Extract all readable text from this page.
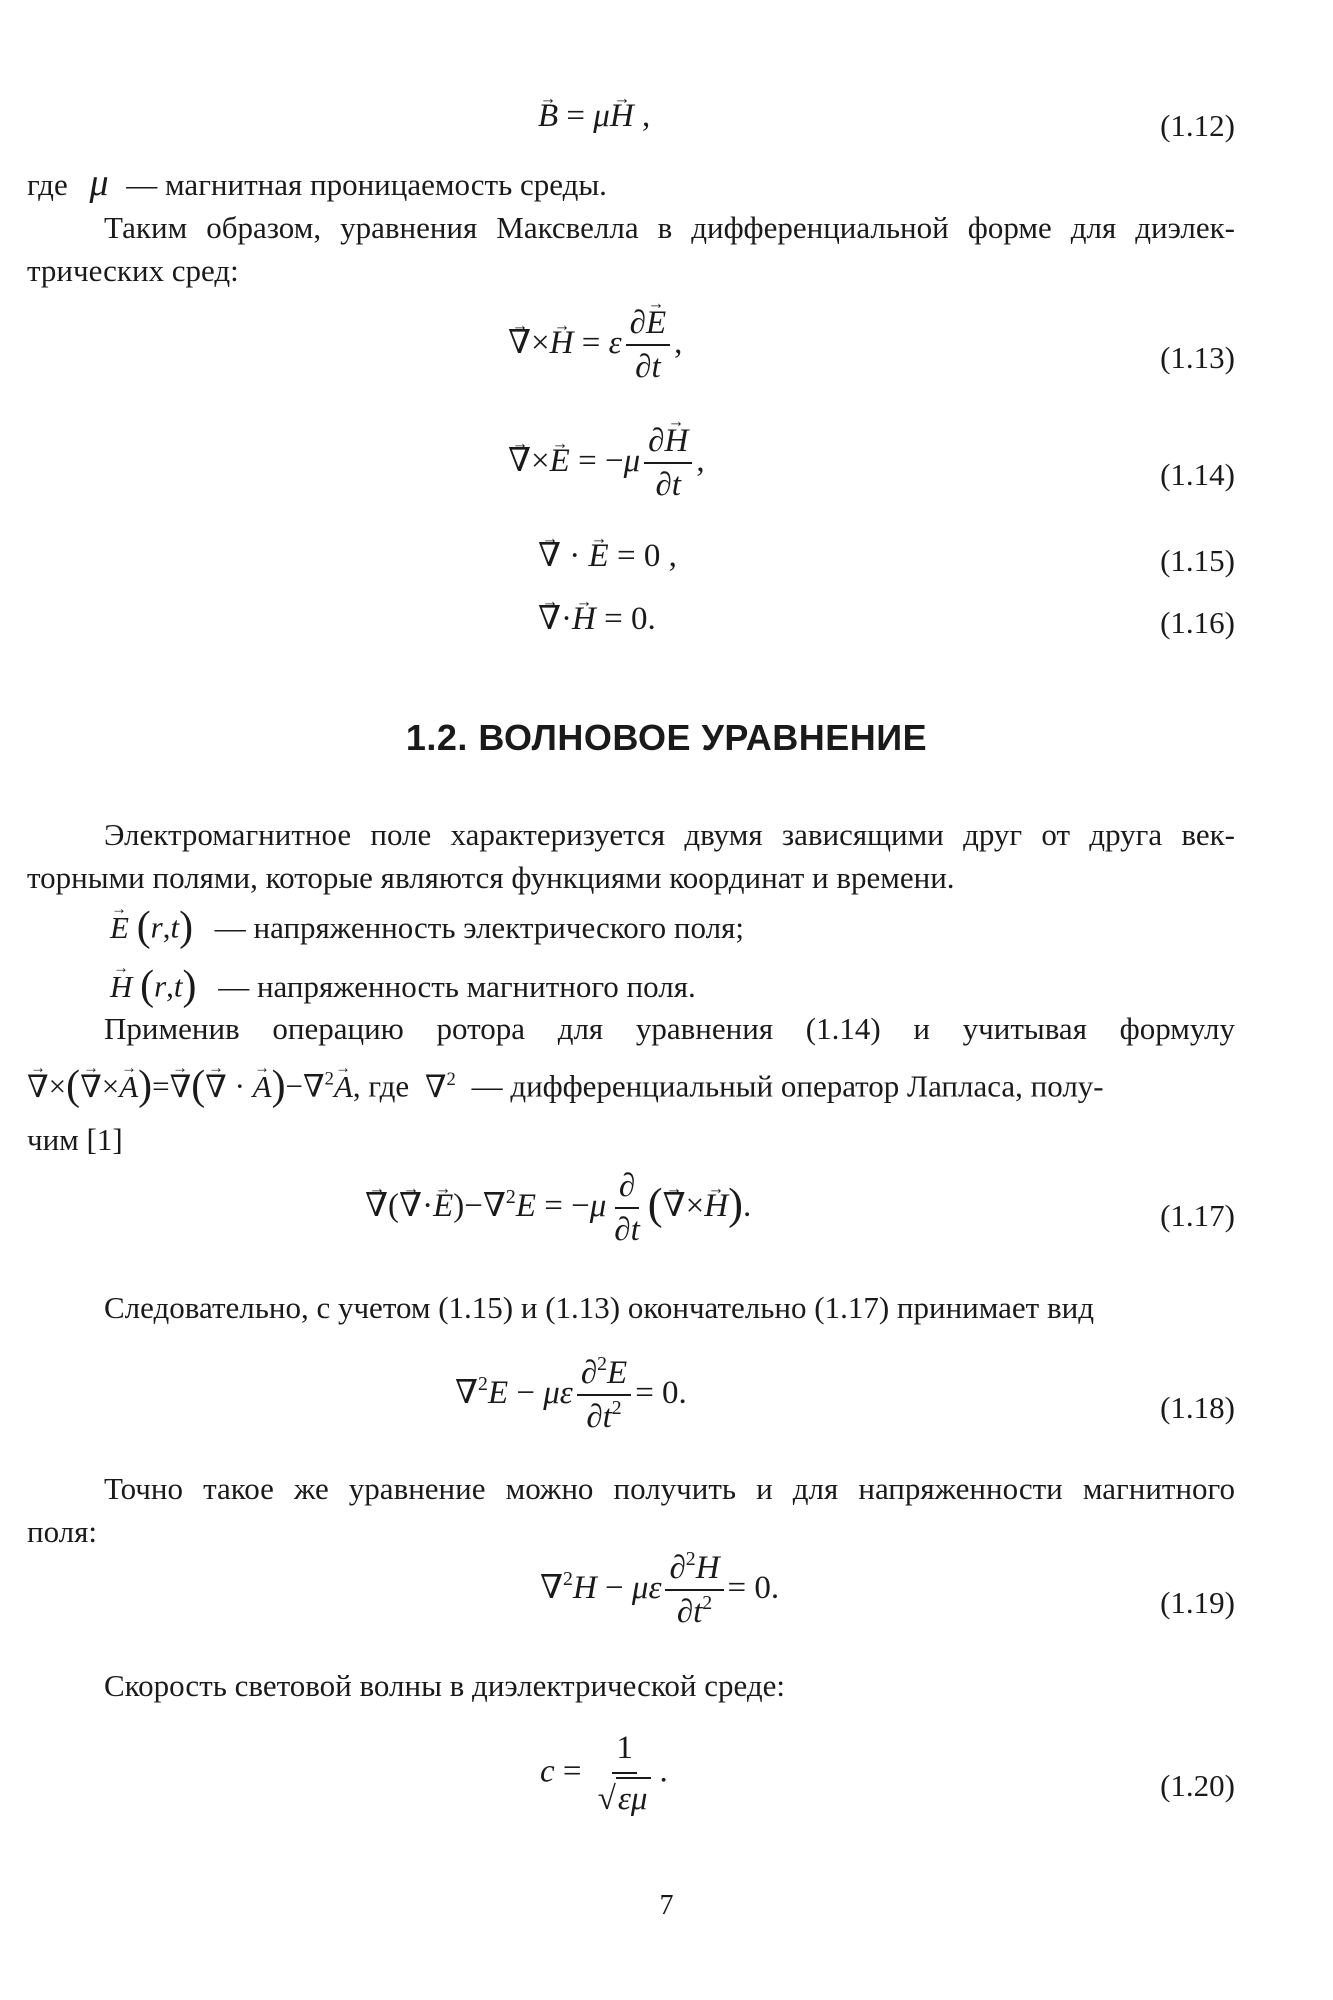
→ B = μ→ H ,	(1.12)
где μ — магнитная проницаемость среды.
Таким образом, уравнения Максвелла в дифференциальной форме для диэлек-
трических сред:
→ ∇×→ H = ε $\frac{\partial\to E}{\partial t}$ ,	(1.13)
→ ∇×→ $E = -\mu \frac{\partial\to H}{\partial t}$ ,	(1.14)
→ ∇ · → E = 0 ,	(1.15)
→ ∇·→ H = 0.	(1.16)
1.2. ВОЛНОВОЕ УРАВНЕНИЕ
Электромагнитное поле характеризуется двумя зависящими друг от друга век-
торными полями, которые являются функциями координат и времени.
→ E (r,t) — напряженность электрического поля;
→ H (r,t) — напряженность магнитного поля.
Применив операцию ротора для уравнения (1.14) и учитывая формулу
→ ∇×(→ ∇×→ A)=→ ∇(→ ∇ · → A)−∇$^2$→ A, где ∇$^2$ — дифференциальный оператор Лапласа, полу-
чим [1]
→ ∇(→ ∇·→ $E)-\nabla^2E = -\mu \frac{\partial}{\partial t}$ (→ ∇×→ H).	(1.17)
Следовательно, с учетом (1.15) и (1.13) окончательно (1.17) принимает вид
∇$^2$E − με $\frac{\partial^2E}{\partial t^2} = 0$.	(1.18)
Точно такое же уравнение можно получить и для напряженности магнитного
поля:
∇$^2$H − με $\frac{\partial^2H}{\partial t^2} = 0$.	(1.19)
Скорость световой волны в диэлектрической среде:
$c = \frac{1}{√\varepsilon\mu}$ .	(1.20)
7
